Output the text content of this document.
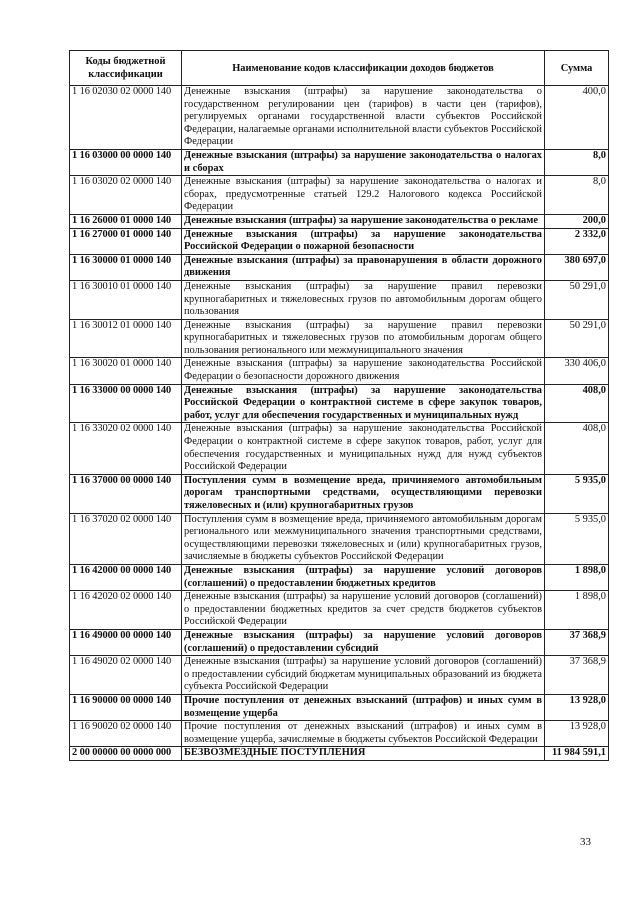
Коды бюджетной классификации	Наименование кодов классификации доходов бюджетов	Сумма
1 16 02030 02 0000 140	Денежные взыскания (штрафы) за нарушение законодательства о государственном регулировании цен (тарифов) в части цен (тарифов), регулируемых органами государственной власти субъектов Российской Федерации, налагаемые органами исполнительной власти субъектов Российской Федерации	400,0
1 16 03000 00 0000 140	Денежные взыскания (штрафы) за нарушение законодательства о налогах и сборах	8,0
1 16 03020 02 0000 140	Денежные взыскания (штрафы) за нарушение законодательства о налогах и сборах, предусмотренные статьей 129.2 Налогового кодекса Российской Федерации	8,0
1 16 26000 01 0000 140	Денежные взыскания (штрафы) за нарушение законодательства о рекламе	200,0
1 16 27000 01 0000 140	Денежные взыскания (штрафы) за нарушение законодательства Российской Федерации о пожарной безопасности	2 332,0
1 16 30000 01 0000 140	Денежные взыскания (штрафы) за правонарушения в области дорожного движения	380 697,0
1 16 30010 01 0000 140	Денежные взыскания (штрафы) за нарушение правил перевозки крупногабаритных и тяжеловесных грузов по автомобильным дорогам общего пользования	50 291,0
1 16 30012 01 0000 140	Денежные взыскания (штрафы) за нарушение правил перевозки крупногабаритных и тяжеловесных грузов по атомобильным дорогам общего пользования регионального или межмуниципального значения	50 291,0
1 16 30020 01 0000 140	Денежные взыскания (штрафы) за нарушение законодательства Российской Федерации о безопасности дорожного движения	330 406,0
1 16 33000 00 0000 140	Денежные взыскания (штрафы) за нарушение законодательства Российской Федерации о контрактной системе в сфере закупок товаров, работ, услуг для обеспечения государственных и муниципальных нужд	408,0
1 16 33020 02 0000 140	Денежные взыскания (штрафы) за нарушение законодательства Российской Федерации о контрактной системе в сфере закупок товаров, работ, услуг для обеспечения государственных и муниципальных нужд для нужд субъектов Российской Федерации	408,0
1 16 37000 00 0000 140	Поступления сумм в возмещение вреда, причиняемого автомобильным дорогам транспортными средствами, осуществляющими перевозки тяжеловесных и (или) крупногабаритных грузов	5 935,0
1 16 37020 02 0000 140	Поступления сумм в возмещение вреда, причиняемого автомобильным дорогам регионального или межмуниципального значения транспортными средствами, осуществляющими перевозки тяжеловесных и (или) крупногабаритных грузов, зачисляемые в бюджеты субъектов Российской Федерации	5 935,0
1 16 42000 00 0000 140	Денежные взыскания (штрафы) за нарушение условий договоров (соглашений) о предоставлении бюджетных кредитов	1 898,0
1 16 42020 02 0000 140	Денежные взыскания (штрафы) за нарушение условий договоров (соглашений) о предоставлении бюджетных кредитов за счет средств бюджетов субъектов Российской Федерации	1 898,0
1 16 49000 00 0000 140	Денежные взыскания (штрафы) за нарушение условий договоров (соглашений) о предоставлении субсидий	37 368,9
1 16 49020 02 0000 140	Денежные взыскания (штрафы) за нарушение условий договоров (соглашений) о предоставлении субсидий бюджетам муниципальных образований из бюджета субъекта Российской Федерации	37 368,9
1 16 90000 00 0000 140	Прочие поступления от денежных взысканий (штрафов) и иных сумм в возмещение ущерба	13 928,0
1 16 90020 02 0000 140	Прочие поступления от денежных взысканий (штрафов) и иных сумм в возмещение ущерба, зачисляемые в бюджеты субъектов Российской Федерации	13 928,0
2 00 00000 00 0000 000	БЕЗВОЗМЕЗДНЫЕ ПОСТУПЛЕНИЯ	11 984 591,1
33
